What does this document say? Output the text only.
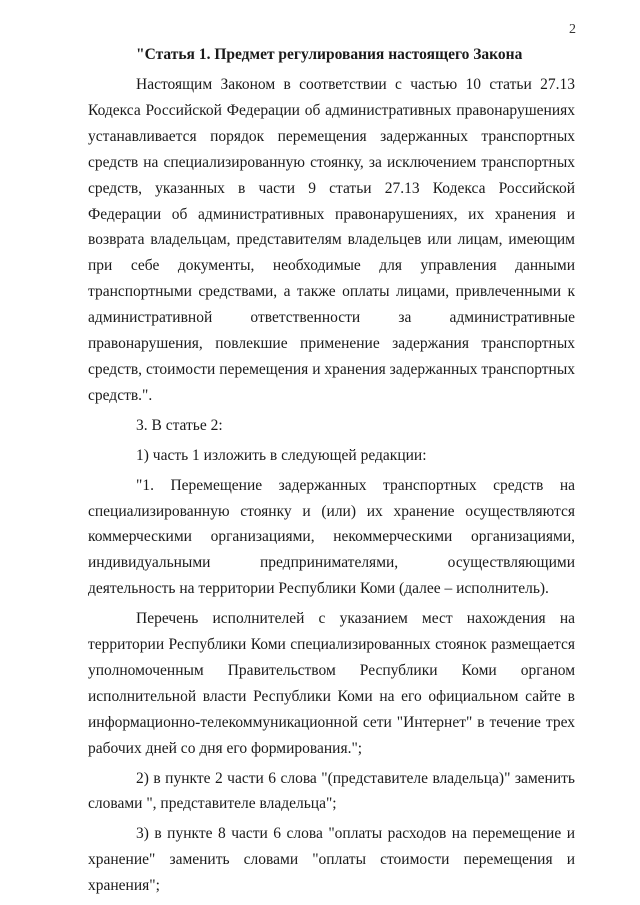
2
"Статья 1. Предмет регулирования настоящего Закона

Настоящим Законом в соответствии с частью 10 статьи 27.13 Кодекса Российской Федерации об административных правонарушениях устанавливается порядок перемещения задержанных транспортных средств на специализированную стоянку, за исключением транспортных средств, указанных в части 9 статьи 27.13 Кодекса Российской Федерации об административных правонарушениях, их хранения и возврата владельцам, представителям владельцев или лицам, имеющим при себе документы, необходимые для управления данными транспортными средствами, а также оплаты лицами, привлеченными к административной ответственности за административные правонарушения, повлекшие применение задержания транспортных средств, стоимости перемещения и хранения задержанных транспортных средств.".

3. В статье 2:

1) часть 1 изложить в следующей редакции:

"1. Перемещение задержанных транспортных средств на специализированную стоянку и (или) их хранение осуществляются коммерческими организациями, некоммерческими организациями, индивидуальными предпринимателями, осуществляющими деятельность на территории Республики Коми (далее – исполнитель).

Перечень исполнителей с указанием мест нахождения на территории Республики Коми специализированных стоянок размещается уполномоченным Правительством Республики Коми органом исполнительной власти Республики Коми на его официальном сайте в информационно-телекоммуникационной сети "Интернет" в течение трех рабочих дней со дня его формирования.";

2) в пункте 2 части 6 слова "(представителе владельца)" заменить словами ", представителе владельца";

3) в пункте 8 части 6 слова "оплаты расходов на перемещение и хранение" заменить словами "оплаты стоимости перемещения и хранения";
